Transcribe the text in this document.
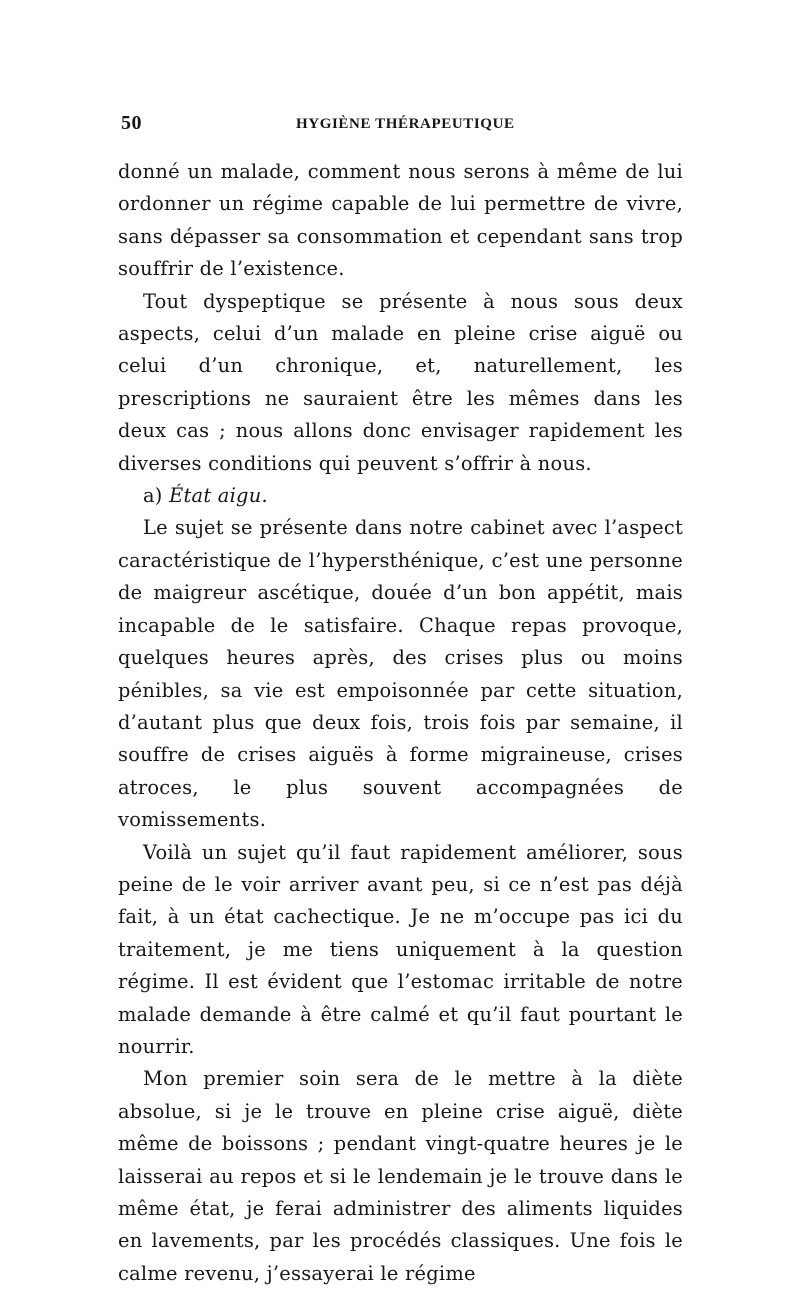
50	HYGIÈNE THÉRAPEUTIQUE

donné un malade, comment nous serons à même de lui ordonner un régime capable de lui permettre de vivre, sans dépasser sa consommation et cependant sans trop souffrir de l’existence.

Tout dyspeptique se présente à nous sous deux aspects, celui d’un malade en pleine crise aiguë ou celui d’un chronique, et, naturellement, les prescriptions ne sauraient être les mêmes dans les deux cas ; nous allons donc envisager rapidement les diverses conditions qui peuvent s’offrir à nous.

a) État aigu.

Le sujet se présente dans notre cabinet avec l’aspect caractéristique de l’hypersthénique, c’est une personne de maigreur ascétique, douée d’un bon appétit, mais incapable de le satisfaire. Chaque repas provoque, quelques heures après, des crises plus ou moins pénibles, sa vie est empoisonnée par cette situation, d’autant plus que deux fois, trois fois par semaine, il souffre de crises aiguës à forme migraineuse, crises atroces, le plus souvent accompagnées de vomissements.

Voilà un sujet qu’il faut rapidement améliorer, sous peine de le voir arriver avant peu, si ce n’est pas déjà fait, à un état cachectique. Je ne m’occupe pas ici du traitement, je me tiens uniquement à la question régime. Il est évident que l’estomac irritable de notre malade demande à être calmé et qu’il faut pourtant le nourrir.

Mon premier soin sera de le mettre à la diète absolue, si je le trouve en pleine crise aiguë, diète même de boissons ; pendant vingt-quatre heures je le laisserai au repos et si le lendemain je le trouve dans le même état, je ferai administrer des aliments liquides en lavements, par les procédés classiques. Une fois le calme revenu, j’essayerai le régime
